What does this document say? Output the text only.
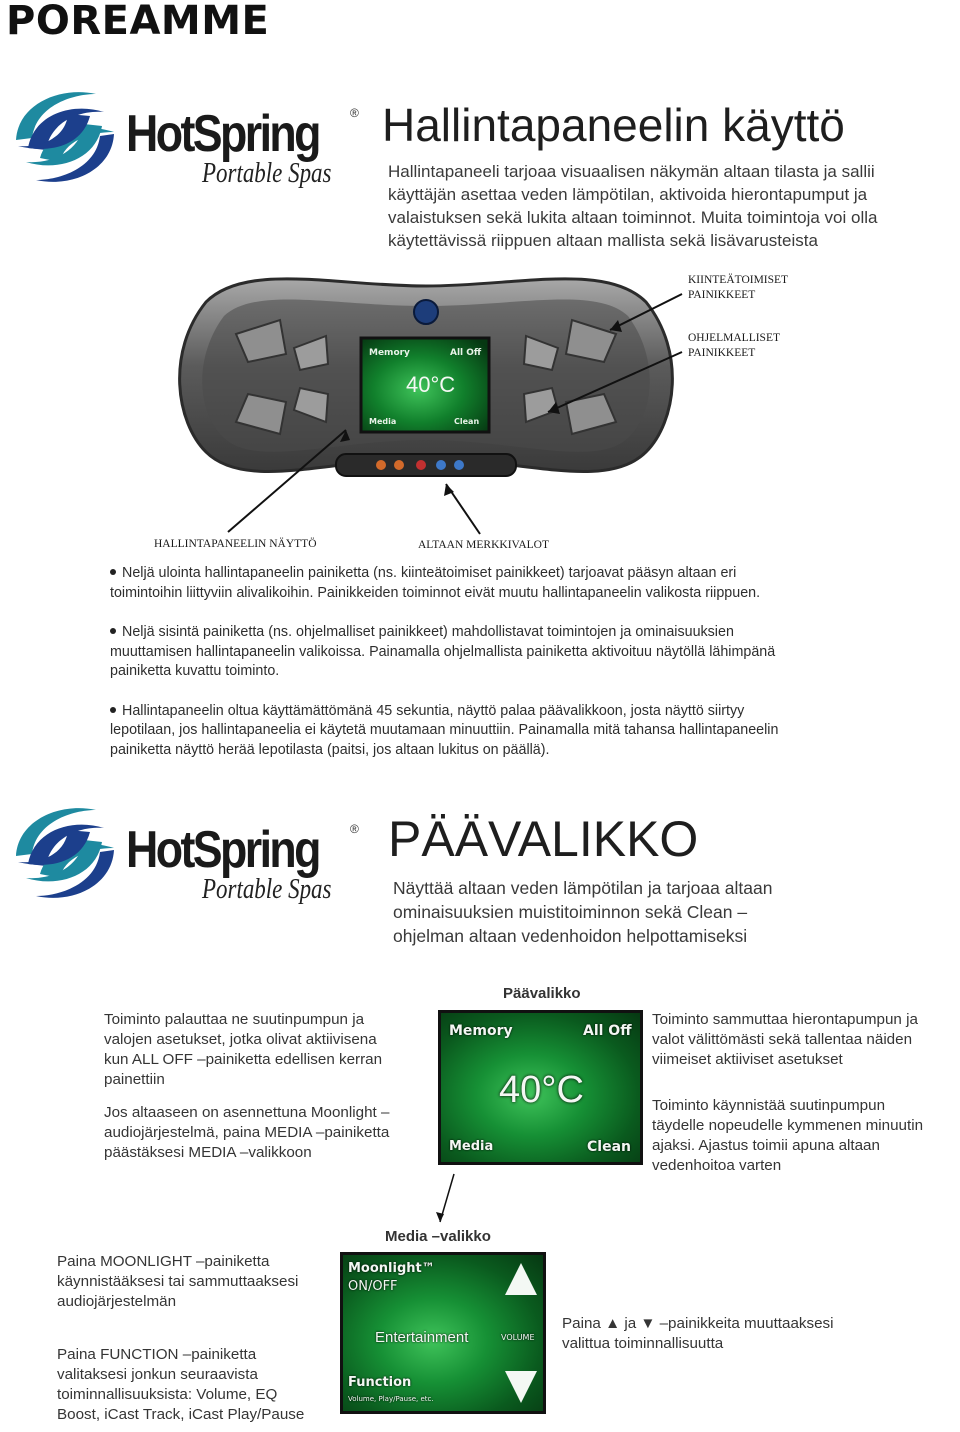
POREAMME
HotSpring	®
Portable Spas
Hallintapaneelin käyttö
Hallintapaneeli tarjoaa visuaalisen näkymän altaan tilasta ja sallii
käyttäjän asettaa veden lämpötilan, aktivoida hierontapumput ja
valaistuksen sekä lukita altaan toiminnot. Muita toimintoja voi olla
käytettävissä riippuen altaan mallista sekä lisävarusteista
Memory	All Off
40°C
Media	Clean
KIINTEÄTOIMISET
PAINIKKEET
OHJELMALLISET
PAINIKKEET
HALLINTAPANEELIN NÄYTTÖ	ALTAAN MERKKIVALOT

Neljä ulointa hallintapaneelin painiketta (ns. kiinteätoimiset painikkeet) tarjoavat pääsyn altaan eri
toimintoihin liittyviin alivalikoihin. Painikkeiden toiminnot eivät muutu hallintapaneelin valikosta riippuen.

Neljä sisintä painiketta (ns. ohjelmalliset painikkeet) mahdollistavat toimintojen ja ominaisuuksien
muuttamisen hallintapaneelin valikoissa. Painamalla ohjelmallista painiketta aktivoituu näytöllä lähimpänä
painiketta kuvattu toiminto.

Hallintapaneelin oltua käyttämättömänä 45 sekuntia, näyttö palaa päävalikkoon, josta näyttö siirtyy
lepotilaan, jos hallintapaneelia ei käytetä muutamaan minuuttiin. Painamalla mitä tahansa hallintapaneelin
painiketta näyttö herää lepotilasta (paitsi, jos altaan lukitus on päällä).

HotSpring	®
Portable Spas
PÄÄVALIKKO
Näyttää altaan veden lämpötilan ja tarjoaa altaan
ominaisuuksien muistitoiminnon sekä Clean –
ohjelman altaan vedenhoidon helpottamiseksi
Päävalikko
Memory	All Off
40°C
Media	Clean
Toiminto palauttaa ne suutinpumpun ja
valojen asetukset, jotka olivat aktiivisena
kun ALL OFF –painiketta edellisen kerran
painettiin
Jos altaaseen on asennettuna Moonlight –
audiojärjestelmä, paina MEDIA –painiketta
päästäksesi MEDIA –valikkoon
Toiminto sammuttaa hierontapumpun ja
valot välittömästi sekä tallentaa näiden
viimeiset aktiiviset asetukset
Toiminto käynnistää suutinpumpun
täydelle nopeudelle kymmenen minuutin
ajaksi. Ajastus toimii apuna altaan
vedenhoitoa varten
Media –valikko
Moonlight™
ON/OFF
Entertainment	VOLUME
Function
Volume, Play/Pause, etc.
Paina MOONLIGHT –painiketta
käynnistääksesi tai sammuttaaksesi
audiojärjestelmän
Paina FUNCTION –painiketta
valitaksesi jonkun seuraavista
toiminnallisuuksista: Volume, EQ
Boost, iCast Track, iCast Play/Pause
Paina ▲ ja ▼ –painikkeita muuttaaksesi
valittua toiminnallisuutta
